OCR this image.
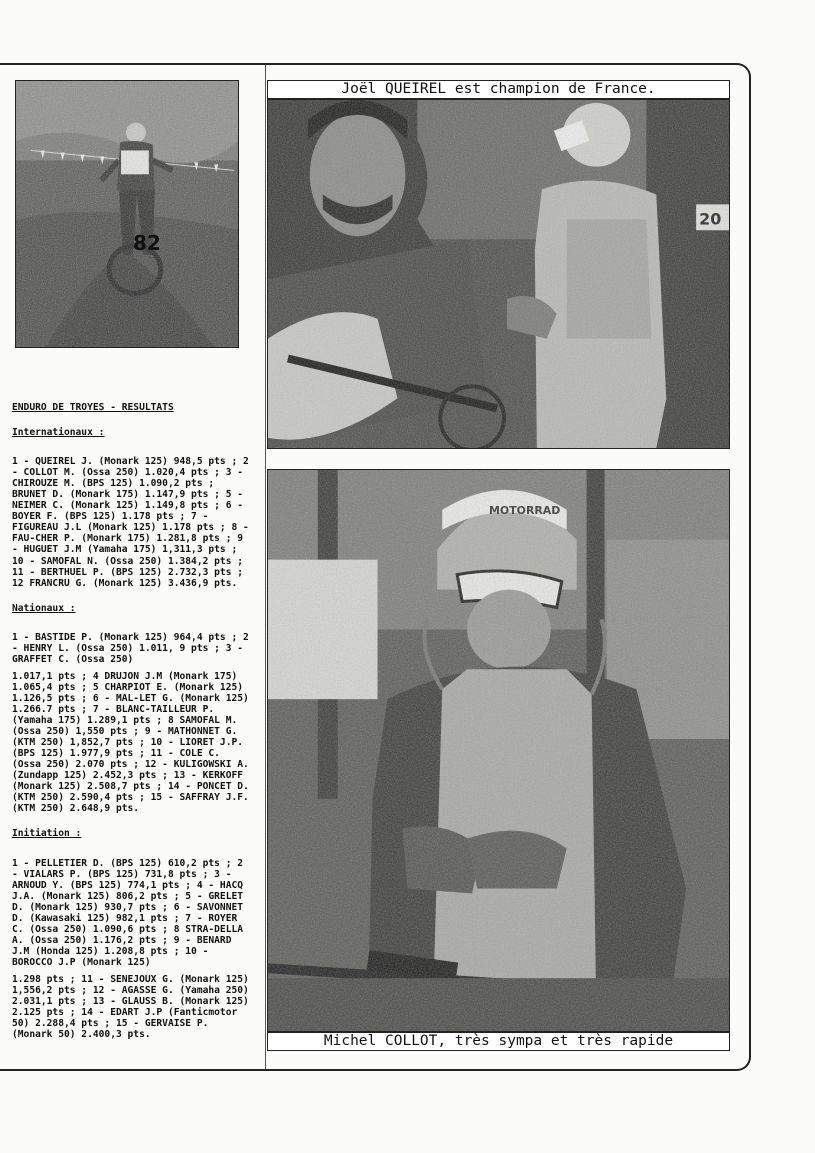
82
Joël QUEIREL est champion de France.
Michel COLLOT, très sympa et très rapide

ENDURO DE TROYES - RESULTATS

Internationaux :

1 - QUEIREL J. (Monark 125) 948,5 pts ; 2 - COLLOT M. (Ossa 250) 1.020,4 pts ; 3 - CHIROUZE M. (BPS 125) 1.090,2 pts ; BRUNET D. (Monark 175) 1.147,9 pts ; 5 - NEIMER C. (Monark 125) 1.149,8 pts ; 6 - BOYER F. (BPS 125) 1.178 pts ; 7 - FIGUREAU J.L (Monark 125) 1.178 pts ; 8 - FAU-CHER P. (Monark 175) 1.281,8 pts ; 9 - HUGUET J.M (Yamaha 175) 1,311,3 pts ; 10 - SAMOFAL N. (Ossa 250) 1.384,2 pts ; 11 - BERTHUEL P. (BPS 125) 2.732,3 pts ; 12 FRANCRU G. (Monark 125) 3.436,9 pts.

Nationaux :

1 - BASTIDE P. (Monark 125) 964,4 pts ; 2 - HENRY L. (Ossa 250) 1.011, 9 pts ; 3 - GRAFFET C. (Ossa 250)

1.017,1 pts ; 4 DRUJON J.M (Monark 175) 1.065,4 pts ; 5 CHARPIOT E. (Monark 125) 1.126,5 pts ; 6 - MAL-LET G. (Monark 125) 1.266.7 pts ; 7 - BLANC-TAILLEUR P. (Yamaha 175) 1.289,1 pts ; 8 SAMOFAL M. (Ossa 250) 1,550 pts ; 9 - MATHONNET G. (KTM 250) 1,852,7 pts ; 10 - LIORET J.P. (BPS 125) 1.977,9 pts ; 11 - COLE C. (Ossa 250) 2.070 pts ; 12 - KULIGOWSKI A. (Zundapp 125) 2.452,3 pts ; 13 - KERKOFF (Monark 125) 2.508,7 pts ; 14 - PONCET D. (KTM 250) 2.590,4 pts ; 15 - SAFFRAY J.F. (KTM 250) 2.648,9 pts.

Initiation :

1 - PELLETIER D. (BPS 125) 610,2 pts ; 2 - VIALARS P. (BPS 125) 731,8 pts ; 3 - ARNOUD Y. (BPS 125) 774,1 pts ; 4 - HACQ J.A. (Monark 125) 806,2 pts ; 5 - GRELET D. (Monark 125) 930,7 pts ; 6 - SAVONNET D. (Kawasaki 125) 982,1 pts ; 7 - ROYER C. (Ossa 250) 1.090,6 pts ; 8 STRA-DELLA A. (Ossa 250) 1.176,2 pts ; 9 - BENARD J.M (Honda 125) 1.208,8 pts ; 10 - BOROCCO J.P (Monark 125)

1.298 pts ; 11 - SENEJOUX G. (Monark 125) 1,556,2 pts ; 12 - AGASSE G. (Yamaha 250) 2.031,1 pts ; 13 - GLAUSS B. (Monark 125) 2.125 pts ; 14 - EDART J.P (Fanticmotor 50) 2.288,4 pts ; 15 - GERVAISE P. (Monark 50) 2.400,3 pts.
